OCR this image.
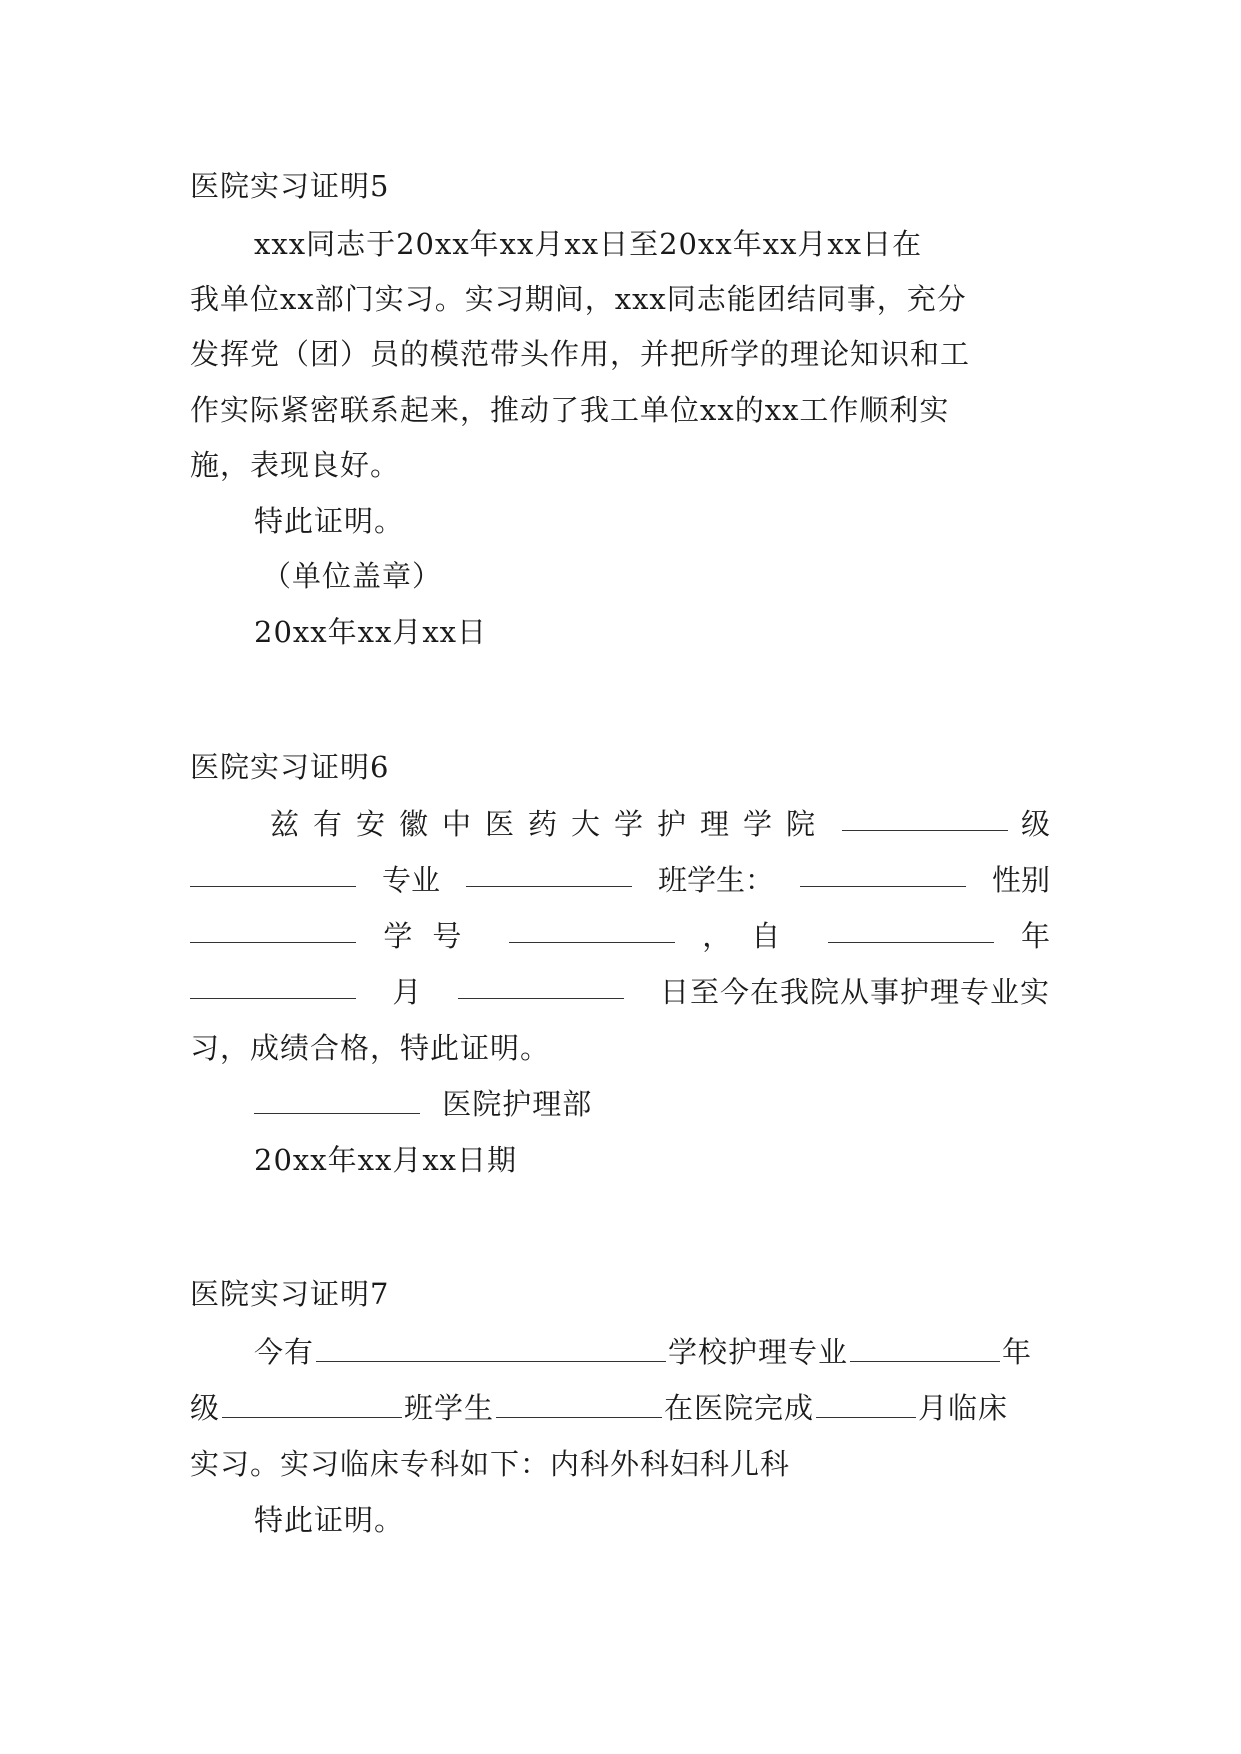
医院实习证明5
xxx同志于20xx年xx月xx日至20xx年xx月xx日在
我单位xx部门实习。实习期间，xxx同志能团结同事，充分
发挥党（团）员的模范带头作用，并把所学的理论知识和工
作实际紧密联系起来，推动了我工单位xx的xx工作顺利实
施，表现良好。
特此证明。
（单位盖章）
20xx年xx月xx日
医院实习证明6
兹有安徽中医药大学护理学院	级
专业	班学生：	性别
学号	，自	年
月	日至今在我院从事护理专业实
习，成绩合格，特此证明。
医院护理部
20xx年xx月xx日期
医院实习证明7
今有	学校护理专业	年
级	班学生	在医院完成	月临床
实习。实习临床专科如下：内科外科妇科儿科
特此证明。
